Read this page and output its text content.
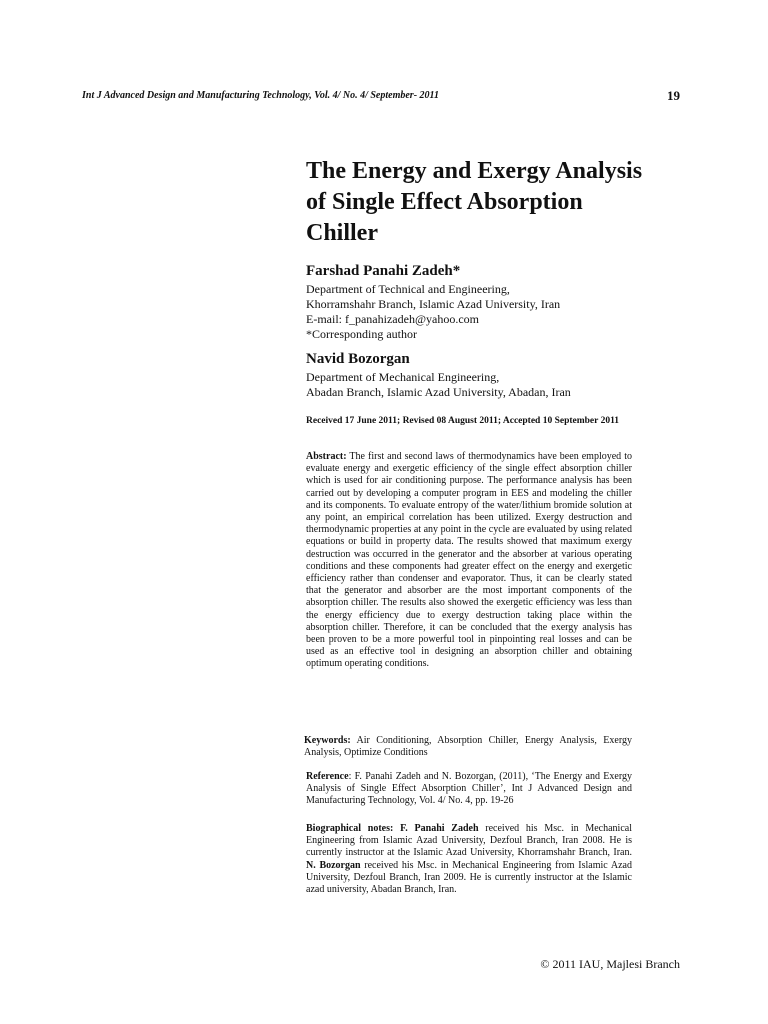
Int J Advanced Design and Manufacturing Technology, Vol. 4/ No. 4/ September- 2011	19
The Energy and Exergy Analysis
of Single Effect Absorption
Chiller
Farshad Panahi Zadeh*
Department of Technical and Engineering,
Khorramshahr Branch, Islamic Azad University, Iran
E-mail: f_panahizadeh@yahoo.com
*Corresponding author
Navid Bozorgan
Department of Mechanical Engineering,
Abadan Branch, Islamic Azad University, Abadan, Iran
Received 17 June 2011; Revised 08 August 2011; Accepted 10 September 2011
Abstract: The first and second laws of thermodynamics have been employed to evaluate energy and exergetic efficiency of the single effect absorption chiller which is used for air conditioning purpose. The performance analysis has been carried out by developing a computer program in EES and modeling the chiller and its components. To evaluate entropy of the water/lithium bromide solution at any point, an empirical correlation has been utilized. Exergy destruction and thermodynamic properties at any point in the cycle are evaluated by using related equations or build in property data. The results showed that maximum exergy destruction was occurred in the generator and the absorber at various operating conditions and these components had greater effect on the energy and exergetic efficiency rather than condenser and evaporator. Thus, it can be clearly stated that the generator and absorber are the most important components of the absorption chiller. The results also showed the exergetic efficiency was less than the energy efficiency due to exergy destruction taking place within the absorption chiller. Therefore, it can be concluded that the exergy analysis has been proven to be a more powerful tool in pinpointing real losses and can be used as an effective tool in designing an absorption chiller and obtaining optimum operating conditions.
Keywords: Air Conditioning, Absorption Chiller, Energy Analysis, Exergy Analysis, Optimize Conditions
Reference: F. Panahi Zadeh and N. Bozorgan, (2011), ‘The Energy and Exergy Analysis of Single Effect Absorption Chiller’, Int J Advanced Design and Manufacturing Technology, Vol. 4/ No. 4, pp. 19-26
Biographical notes: F. Panahi Zadeh received his Msc. in Mechanical Engineering from Islamic Azad University, Dezfoul Branch, Iran 2008. He is currently instructor at the Islamic Azad University, Khorramshahr Branch, Iran. N. Bozorgan received his Msc. in Mechanical Engineering from Islamic Azad University, Dezfoul Branch, Iran 2009. He is currently instructor at the Islamic azad university, Abadan Branch, Iran.
© 2011 IAU, Majlesi Branch
